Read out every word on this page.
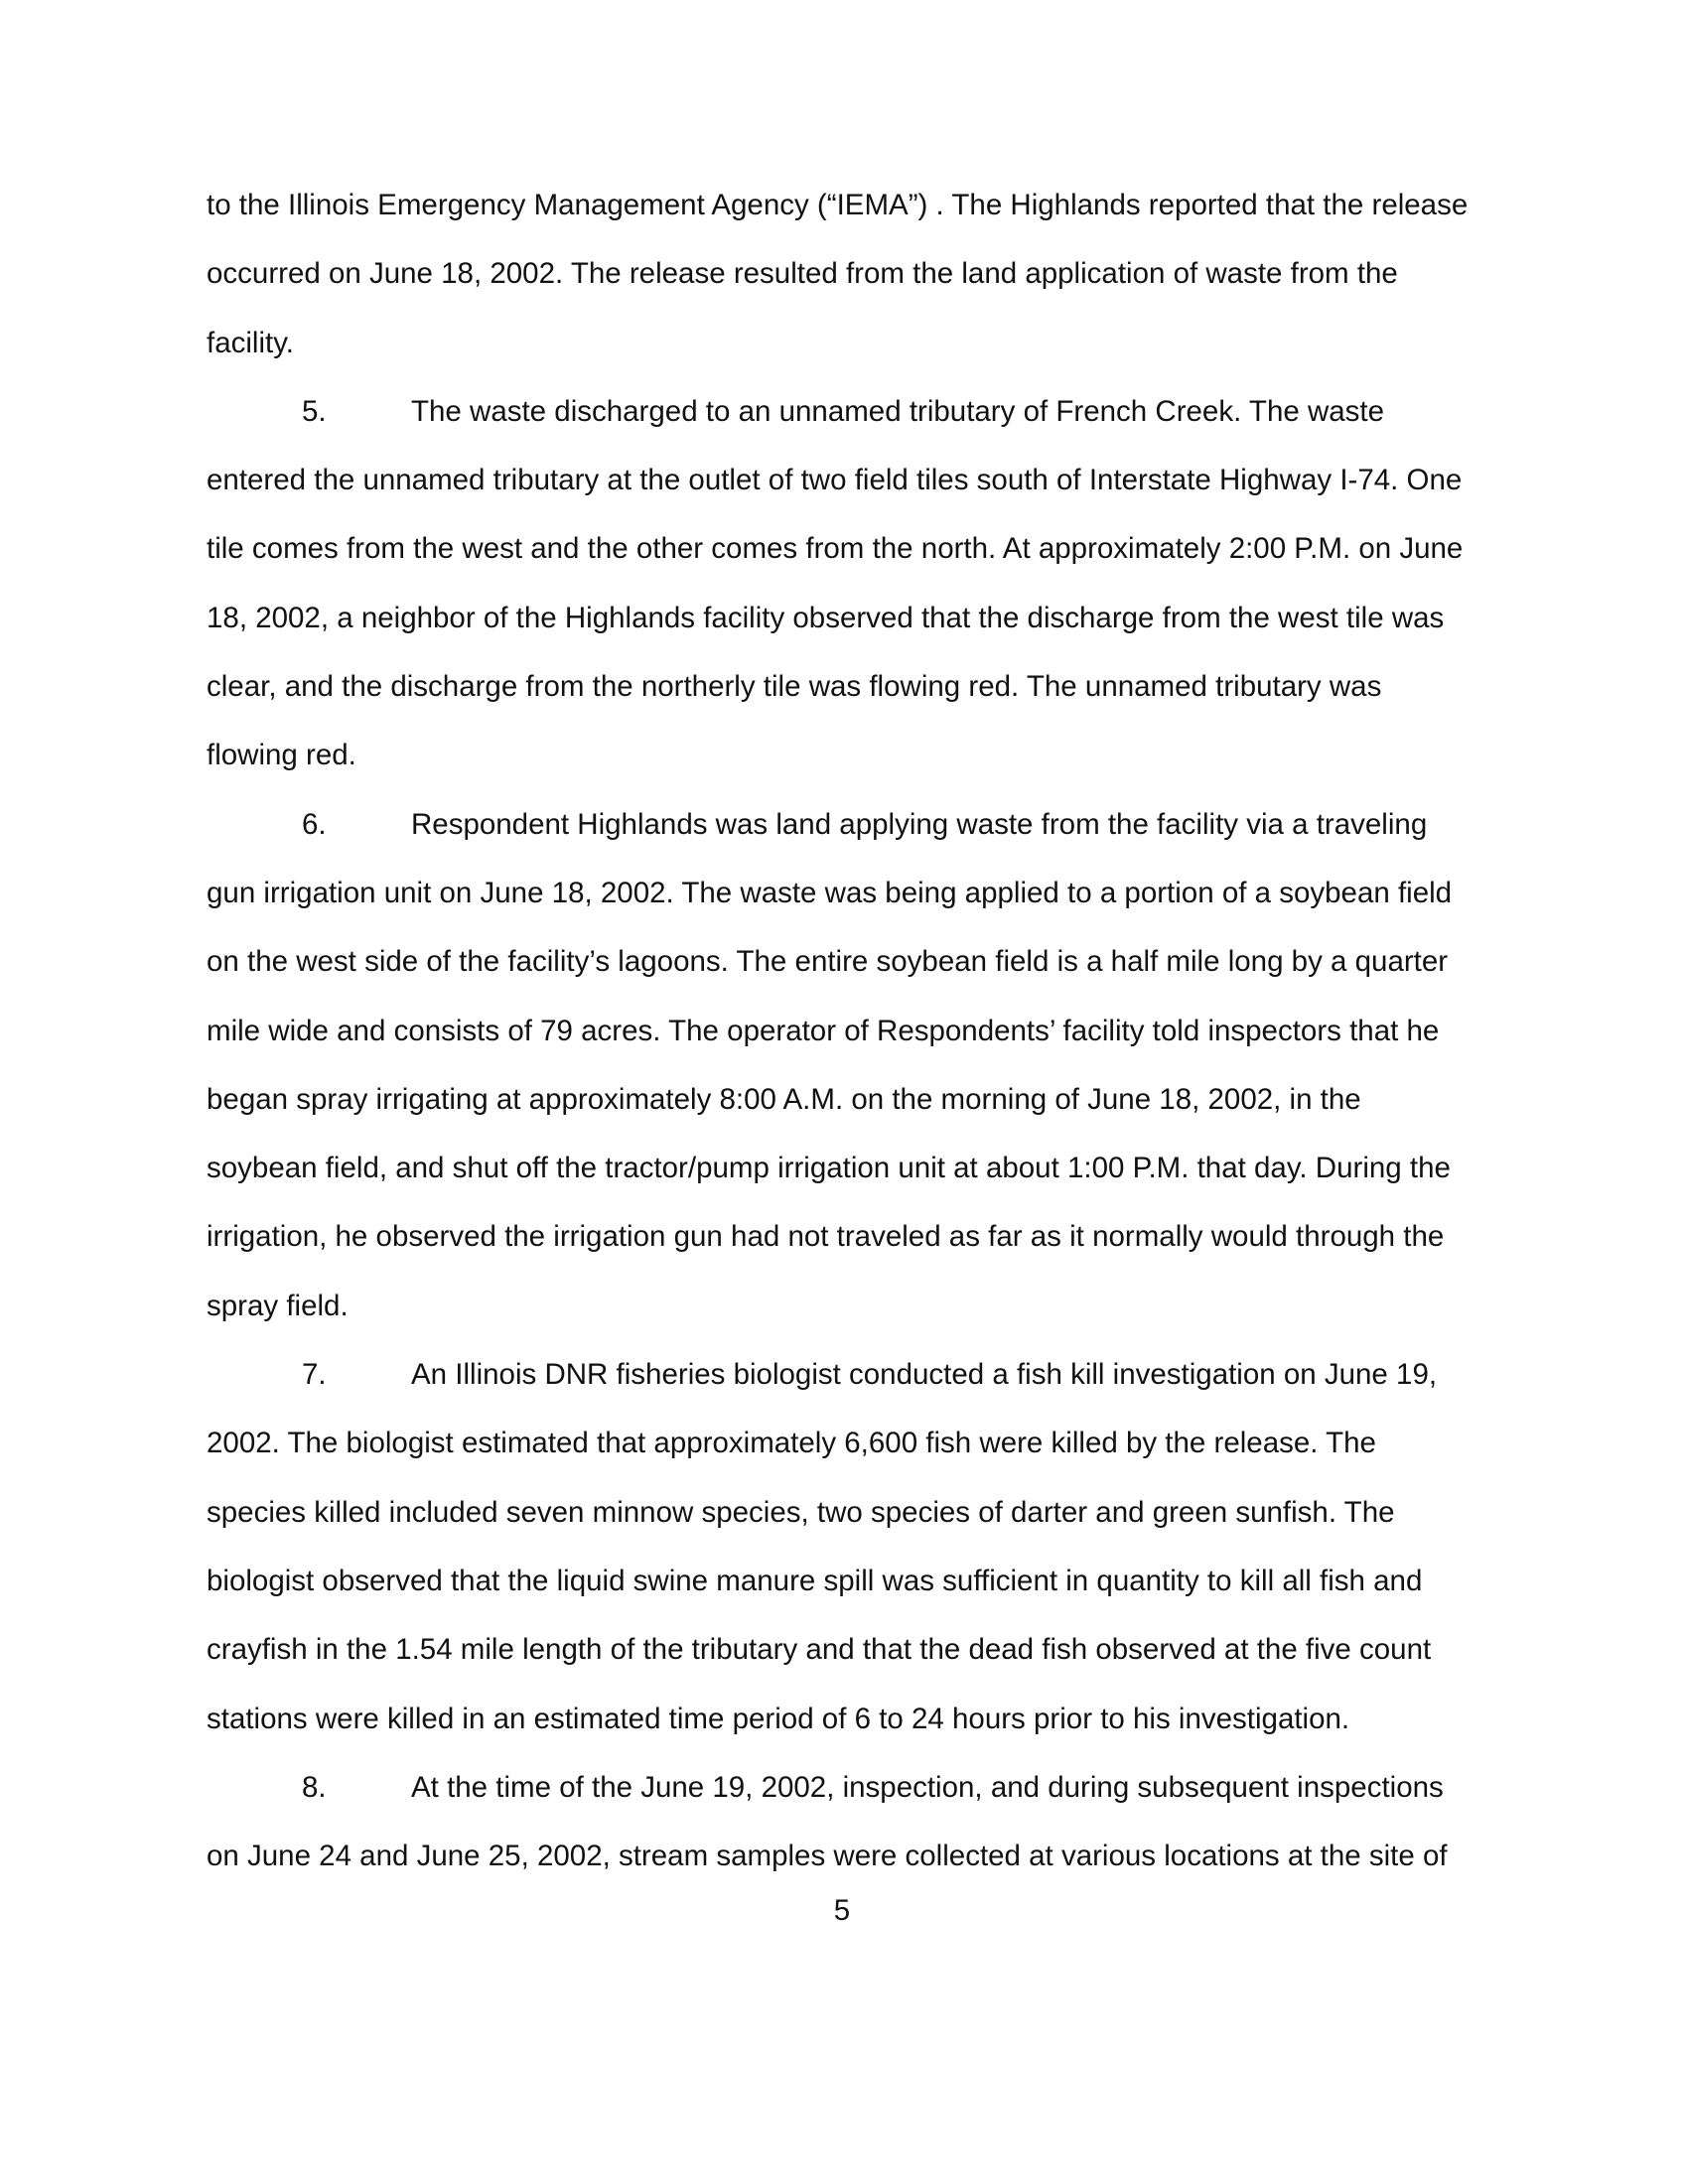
to the Illinois Emergency Management Agency (“IEMA”) . The Highlands reported that the release occurred on June 18, 2002. The release resulted from the land application of waste from the facility.

5.	The waste discharged to an unnamed tributary of French Creek. The waste entered the unnamed tributary at the outlet of two field tiles south of Interstate Highway I-74. One tile comes from the west and the other comes from the north. At approximately 2:00 P.M. on June 18, 2002, a neighbor of the Highlands facility observed that the discharge from the west tile was clear, and the discharge from the northerly tile was flowing red. The unnamed tributary was flowing red.

6.	Respondent Highlands was land applying waste from the facility via a traveling gun irrigation unit on June 18, 2002. The waste was being applied to a portion of a soybean field on the west side of the facility’s lagoons. The entire soybean field is a half mile long by a quarter mile wide and consists of 79 acres. The operator of Respondents’ facility told inspectors that he began spray irrigating at approximately 8:00 A.M. on the morning of June 18, 2002, in the soybean field, and shut off the tractor/pump irrigation unit at about 1:00 P.M. that day. During the irrigation, he observed the irrigation gun had not traveled as far as it normally would through the spray field.

7.	An Illinois DNR fisheries biologist conducted a fish kill investigation on June 19, 2002. The biologist estimated that approximately 6,600 fish were killed by the release. The species killed included seven minnow species, two species of darter and green sunfish. The biologist observed that the liquid swine manure spill was sufficient in quantity to kill all fish and crayfish in the 1.54 mile length of the tributary and that the dead fish observed at the five count stations were killed in an estimated time period of 6 to 24 hours prior to his investigation.

8.	At the time of the June 19, 2002, inspection, and during subsequent inspections on June 24 and June 25, 2002, stream samples were collected at various locations at the site of

5
